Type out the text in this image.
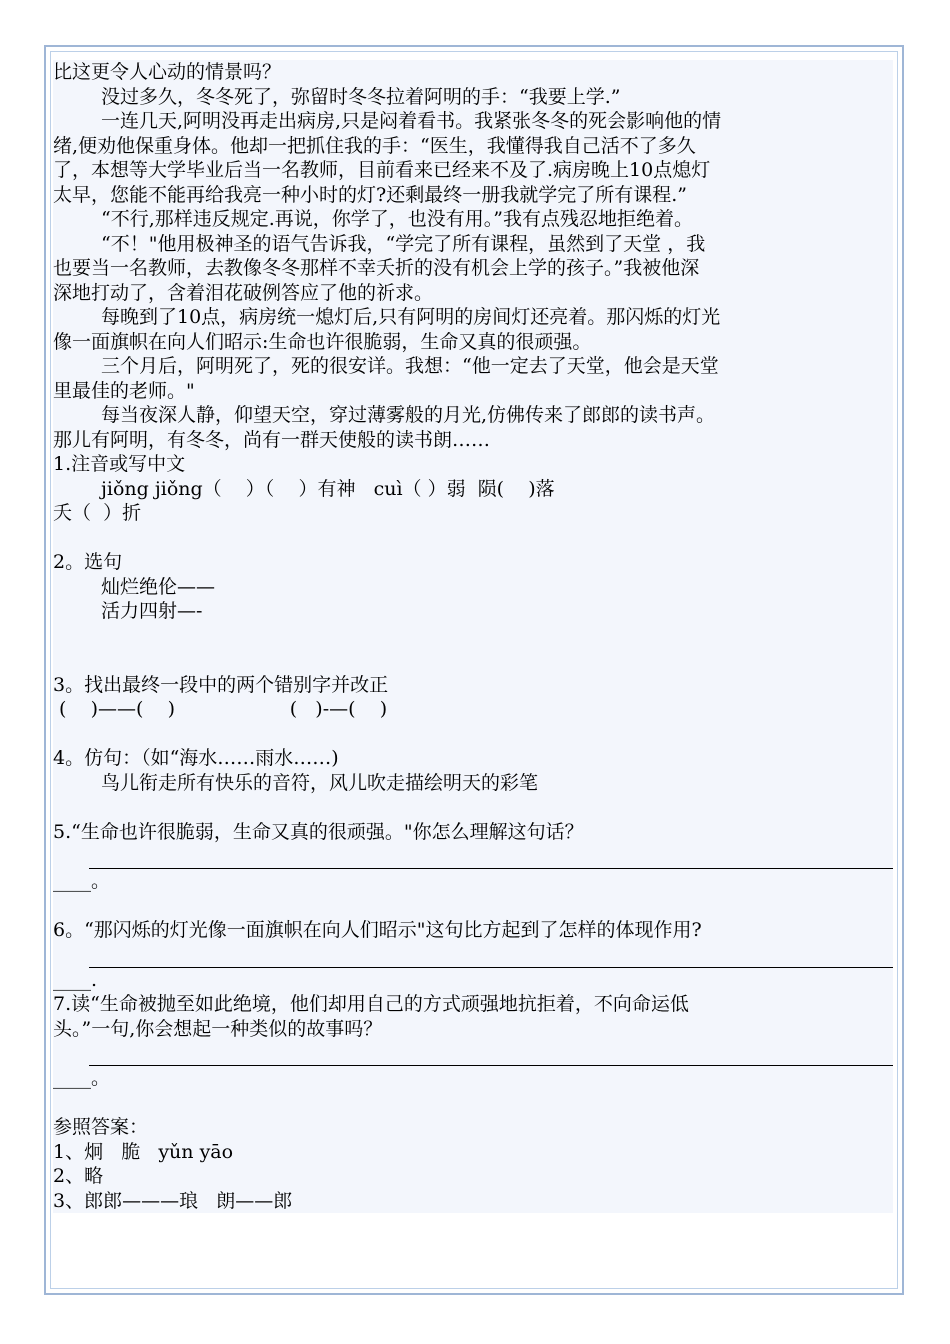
比这更令人心动的情景吗？
没过多久，冬冬死了，弥留时冬冬拉着阿明的手：“我要上学.”
一连几天,阿明没再走出病房,只是闷着看书。我紧张冬冬的死会影响他的情
绪,便劝他保重身体。他却一把抓住我的手：“医生，我懂得我自己活不了多久
了，本想等大学毕业后当一名教师，目前看来已经来不及了.病房晚上10点熄灯
太早，您能不能再给我亮一种小时的灯?还剩最终一册我就学完了所有课程.”
“不行,那样违反规定.再说，你学了，也没有用。”我有点残忍地拒绝着。
“不！"他用极神圣的语气告诉我，“学完了所有课程，虽然到了天堂 ，我
也要当一名教师，去教像冬冬那样不幸夭折的没有机会上学的孩子。”我被他深
深地打动了，含着泪花破例答应了他的祈求。
每晚到了10点，病房统一熄灯后,只有阿明的房间灯还亮着。那闪烁的灯光
像一面旗帜在向人们昭示:生命也许很脆弱，生命又真的很顽强。
三个月后，阿明死了，死的很安详。我想：“他一定去了天堂，他会是天堂
里最佳的老师。"
每当夜深人静，仰望天空，穿过薄雾般的月光,仿佛传来了郎郎的读书声。
那儿有阿明，有冬冬，尚有一群天使般的读书朗……
1.注音或写中文
jiǒng jiǒng（    ）（    ）有神   cuì（ ）弱  陨(    )落
夭（  ）折
2。选句
灿烂绝伦——
活力四射—-
3。找出最终一段中的两个错别字并改正
(    )——(    )                   (   )-—(    )
4。仿句：（如“海水……雨水……)
鸟儿衔走所有快乐的音符，风儿吹走描绘明天的彩笔
5.“生命也许很脆弱，生命又真的很顽强。"你怎么理解这句话？
____。
6。“那闪烁的灯光像一面旗帜在向人们昭示"这句比方起到了怎样的体现作用?
____.
7.读“生命被抛至如此绝境，他们却用自己的方式顽强地抗拒着，不向命运低
头。”一句,你会想起一种类似的故事吗？
____。
参照答案：
1、炯   脆   yǔn yāo
2、略
3、郎郎———琅   朗——郎
